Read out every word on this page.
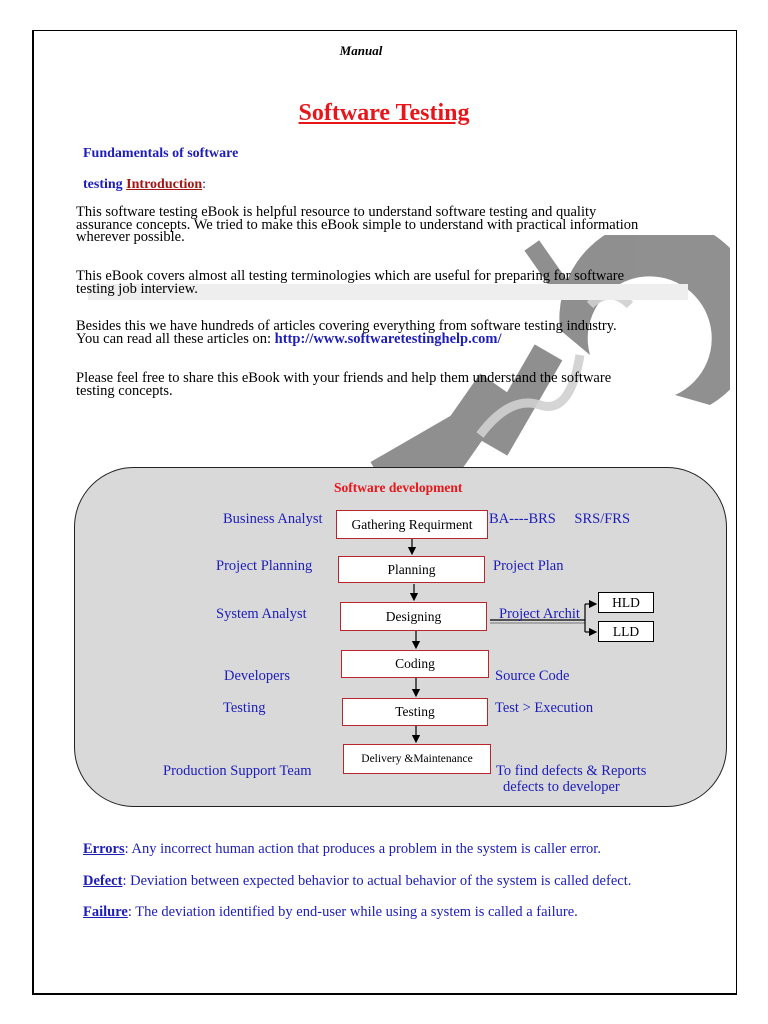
Manual
Software Testing
Fundamentals of software
testing Introduction:
This software testing eBook is helpful resource to understand software testing and quality
assurance concepts. We tried to make this eBook simple to understand with practical information
wherever possible.
This eBook covers almost all testing terminologies which are useful for preparing for software
testing job interview.
Besides this we have hundreds of articles covering everything from software testing industry.
You can read all these articles on: http://www.softwaretestinghelp.com/
Please feel free to share this eBook with your friends and help them understand the software
testing concepts.
Software development
Gathering Requirment
Planning
Designing
Coding
Testing
Delivery &Maintenance
HLD
LLD
Business Analyst
Project Planning
System Analyst
Developers
Testing
Production Support Team
BA----BRS SRS/FRS
Project Plan
Project Archit
Source Code
Test > Execution
To find defects & Reports
defects to developer
Errors: Any incorrect human action that produces a problem in the system is caller error.
Defect: Deviation between expected behavior to actual behavior of the system is called defect.
Failure: The deviation identified by end-user while using a system is called a failure.
